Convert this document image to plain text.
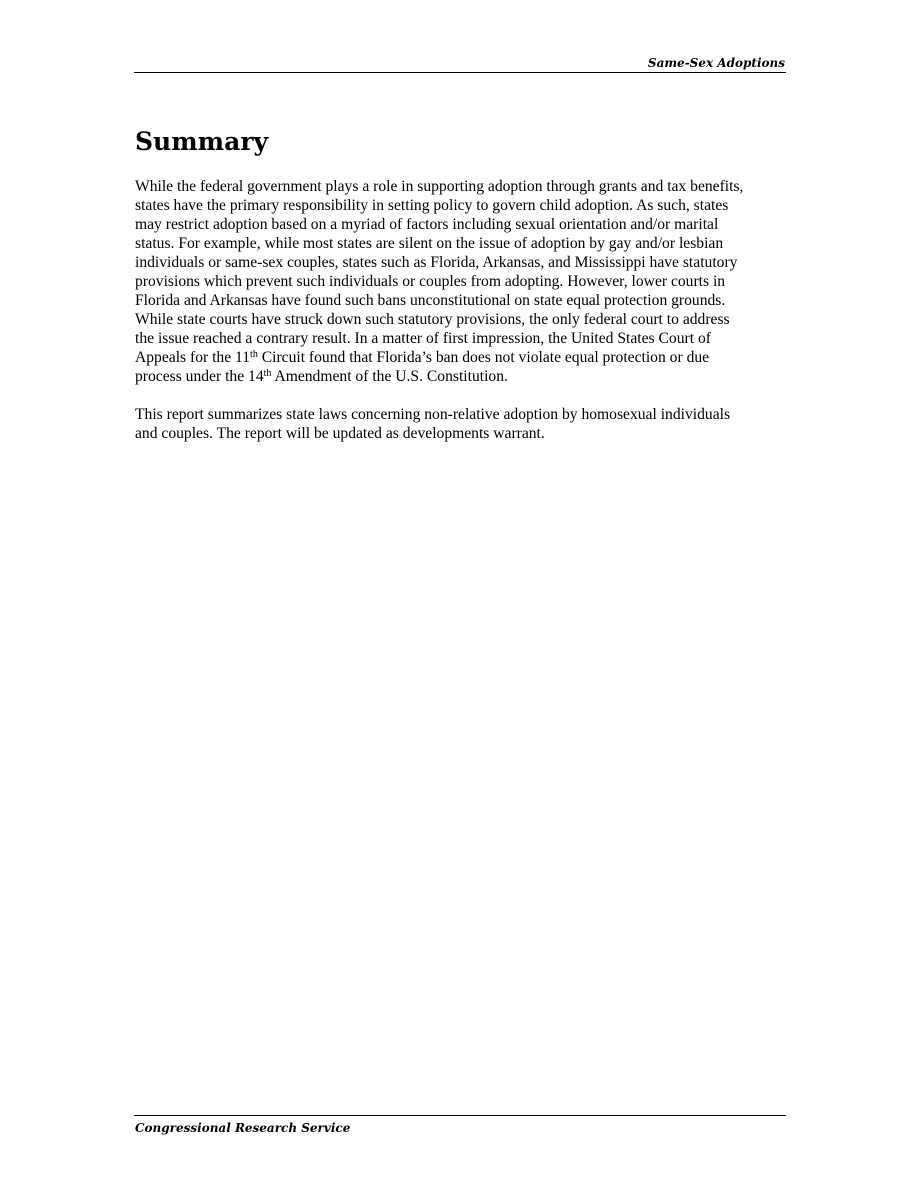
Same-Sex Adoptions
Summary

While the federal government plays a role in supporting adoption through grants and tax benefits,
states have the primary responsibility in setting policy to govern child adoption. As such, states
may restrict adoption based on a myriad of factors including sexual orientation and/or marital
status. For example, while most states are silent on the issue of adoption by gay and/or lesbian
individuals or same-sex couples, states such as Florida, Arkansas, and Mississippi have statutory
provisions which prevent such individuals or couples from adopting. However, lower courts in
Florida and Arkansas have found such bans unconstitutional on state equal protection grounds.
While state courts have struck down such statutory provisions, the only federal court to address
the issue reached a contrary result. In a matter of first impression, the United States Court of
Appeals for the 11th Circuit found that Florida’s ban does not violate equal protection or due
process under the 14th Amendment of the U.S. Constitution.

This report summarizes state laws concerning non-relative adoption by homosexual individuals
and couples. The report will be updated as developments warrant.

Congressional Research Service
